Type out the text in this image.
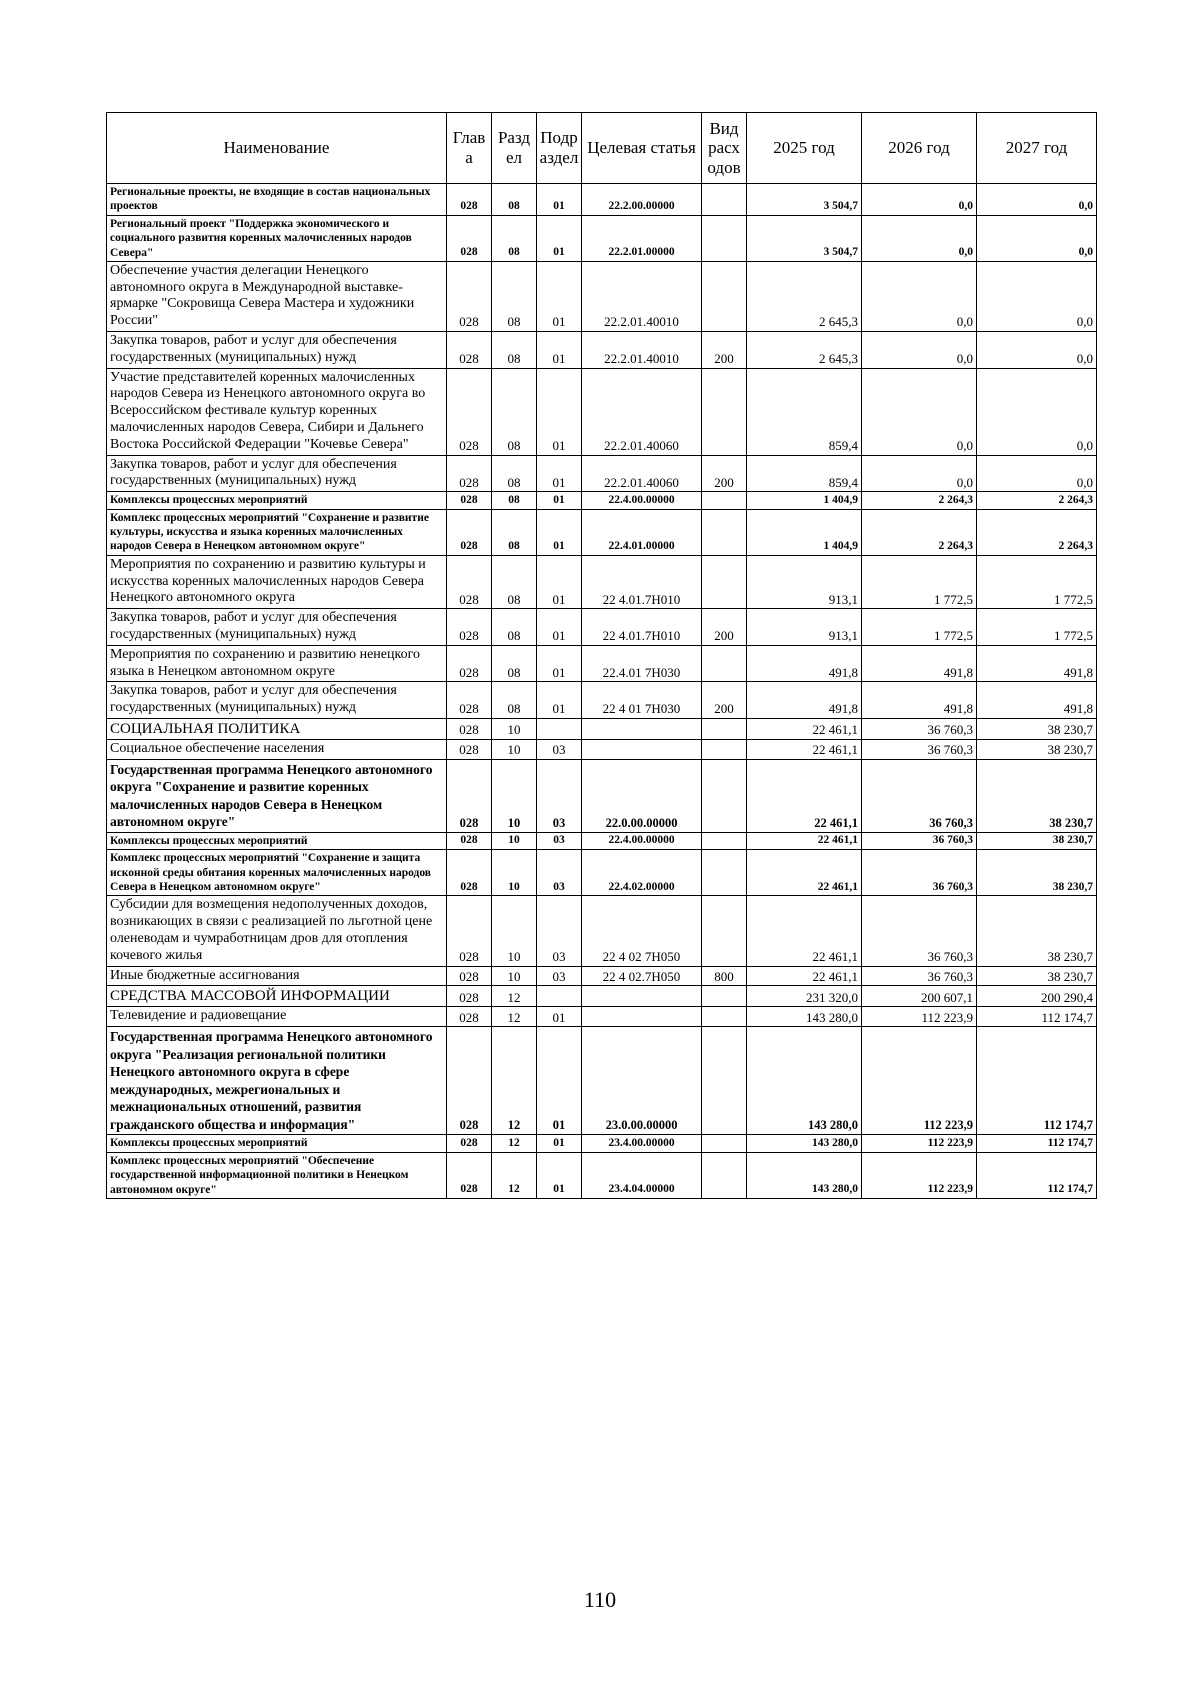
Наименование	Глав а	Разд ел	Подр аздел	Целевая статья	Вид расх одов	2025 год	2026 год	2027 год
Региональные проекты, не входящие в состав национальных проектов	028	08	01	22.2.00.00000		3 504,7	0,0	0,0
Региональный проект "Поддержка экономического и социального развития коренных малочисленных народов Севера"	028	08	01	22.2.01.00000		3 504,7	0,0	0,0
Обеспечение участия делегации Ненецкого автономного округа в Международной выставке-ярмарке "Сокровища Севера Мастера и художники России"	028	08	01	22.2.01.40010		2 645,3	0,0	0,0
Закупка товаров, работ и услуг для обеспечения государственных (муниципальных) нужд	028	08	01	22.2.01.40010	200	2 645,3	0,0	0,0
Участие представителей коренных малочисленных народов Севера из Ненецкого автономного округа во Всероссийском фестивале культур коренных малочисленных народов Севера, Сибири и Дальнего Востока Российской Федерации "Кочевье Севера"	028	08	01	22.2.01.40060		859,4	0,0	0,0
Закупка товаров, работ и услуг для обеспечения государственных (муниципальных) нужд	028	08	01	22.2.01.40060	200	859,4	0,0	0,0
Комплексы процессных мероприятий	028	08	01	22.4.00.00000		1 404,9	2 264,3	2 264,3
Комплекс процессных мероприятий "Сохранение и развитие культуры, искусства и языка коренных малочисленных народов Севера в Ненецком автономном округе"	028	08	01	22.4.01.00000		1 404,9	2 264,3	2 264,3
Мероприятия по сохранению и развитию культуры и искусства коренных малочисленных народов Севера Ненецкого автономного округа	028	08	01	22 4.01.7Н010		913,1	1 772,5	1 772,5
Закупка товаров, работ и услуг для обеспечения государственных (муниципальных) нужд	028	08	01	22 4.01.7Н010	200	913,1	1 772,5	1 772,5
Мероприятия по сохранению и развитию ненецкого языка в Ненецком автономном округе	028	08	01	22.4.01 7Н030		491,8	491,8	491,8
Закупка товаров, работ и услуг для обеспечения государственных (муниципальных) нужд	028	08	01	22 4 01 7Н030	200	491,8	491,8	491,8
СОЦИАЛЬНАЯ ПОЛИТИКА	028	10				22 461,1	36 760,3	38 230,7
Социальное обеспечение населения	028	10	03			22 461,1	36 760,3	38 230,7
Государственная программа Ненецкого автономного округа "Сохранение и развитие коренных малочисленных народов Севера в Ненецком автономном округе"	028	10	03	22.0.00.00000		22 461,1	36 760,3	38 230,7
Комплексы процессных мероприятий	028	10	03	22.4.00.00000		22 461,1	36 760,3	38 230,7
Комплекс процессных мероприятий "Сохранение и защита исконной среды обитания коренных малочисленных народов Севера в Ненецком автономном округе"	028	10	03	22.4.02.00000		22 461,1	36 760,3	38 230,7
Субсидии для возмещения недополученных доходов, возникающих в связи с реализацией по льготной цене оленеводам и чумработницам дров для отопления кочевого жилья	028	10	03	22 4 02 7Н050		22 461,1	36 760,3	38 230,7
Иные бюджетные ассигнования	028	10	03	22 4 02.7Н050	800	22 461,1	36 760,3	38 230,7
СРЕДСТВА МАССОВОЙ ИНФОРМАЦИИ	028	12				231 320,0	200 607,1	200 290,4
Телевидение и радиовещание	028	12	01			143 280,0	112 223,9	112 174,7
Государственная программа Ненецкого автономного округа "Реализация региональной политики Ненецкого автономного округа в сфере международных, межрегиональных и межнациональных отношений, развития гражданского общества и информация"	028	12	01	23.0.00.00000		143 280,0	112 223,9	112 174,7
Комплексы процессных мероприятий	028	12	01	23.4.00.00000		143 280,0	112 223,9	112 174,7
Комплекс процессных мероприятий "Обеспечение государственной информационной политики в Ненецком автономном округе"	028	12	01	23.4.04.00000		143 280,0	112 223,9	112 174,7
110
